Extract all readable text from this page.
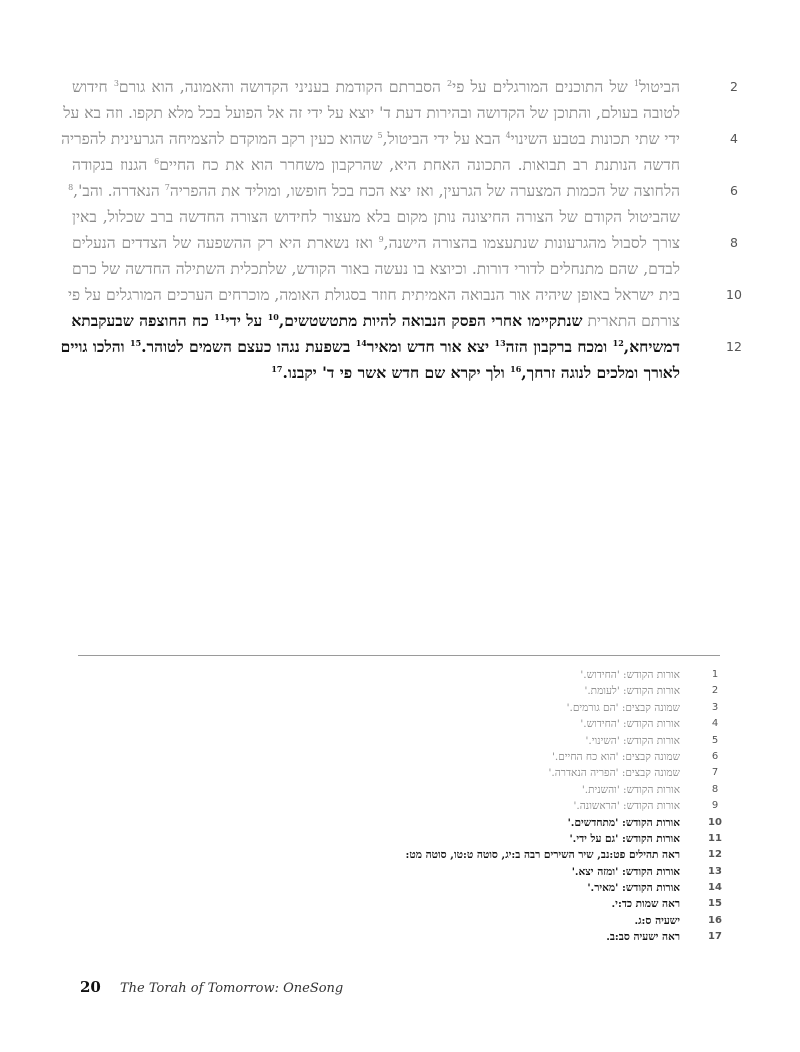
2
הביטול$^1$ של התוכנים המורגלים על פי$^2$ הסברתם הקודמת בעניני הקדושה והאמונה, הוא גורם$^3$ חידוש
לטובה בעולם, והתוכן של הקדושה ובהירות דעת ד' יוצא על ידי זה אל הפועל בכל מלא תקפו. וזה בא על
4
ידי שתי תכונות בטבע השינוי$^4$ הבא על ידי הביטול,$^5$ שהוא כעין רקב המוקדם להצמיחה הגרעינית להפריה
חדשה הנותנת רב תבואות. התכונה האחת היא, שהרקבון משחרר הוא את כח החיים$^6$ הגנוז בנקודה
6
הלחוצה של הכמות המצערה של הגרעין, ואז יצא הכח בכל חופשו, ומוליד את ההפריה$^7$ הנאדרה. והב',$^8$
שהביטול הקודם של הצורה החיצונה נותן מקום בלא מעצור לחידוש הצורה החדשה ברב שכלול, באין
8
צורך לסבול מהגרעונות שנתעצמו בהצורה הישנה,$^9$ ואז נשארת היא רק ההשפעה של הצדדים הנעלים
לבדם, שהם מתנחלים לדורי דורות. וכיוצא בו נעשה באור הקודש, שלתכלית השתילה החדשה של כרם
10
בית ישראל באופן שיהיה אור הנבואה האמיתית חוזר בסגולת האומה, מוכרחים הערכים המורגלים על פי
צורתם התארית שנתקיימו אחרי הפסק הנבואה להיות מתטשטשים,$^{10}$ על ידי$^{11}$ כח החוצפה שבעקבתא
12
דמשיחא,$^{12}$ ומכח ברקבון הזה$^{13}$ יצא אור חדש ומאיר$^{14}$ בשפעת נגהו כעצם השמים לטוהר.$^{15}$ והלכו גויים
לאורך ומלכים לנוגה זרחך,$^{16}$ ולך יקרא שם חדש אשר פי ד' יקבנו.$^{17}$
1
אורות הקודש: 'החידוש.'
2
אורות הקודש: 'לעומת.'
3
שמונה קבצים: 'הם גורמים.'
4
אורות הקודש: 'החידוש.'
5
אורות הקודש: 'השינוי.'
6
שמונה קבצים: 'הוא כח החיים.'
7
שמונה קבצים: 'הפריה הנאדרה.'
8
אורות הקודש: 'והשנית.'
9
אורות הקודש: 'הראשונה.'
10
אורות הקודש: 'מתחדשים.'
11
אורות הקודש: 'גם על ידי.'
12
ראה תהילים פט:נב, שיר השירים רבה ב:יג, סוטה ט:טו, סוטה מט:
13
אורות הקודש: 'ומזה יצא.'
14
אורות הקודש: 'מאיר.'
15
ראה שמות כד:י.
16
ישעיה ס:ג.
17
ראה ישעיה סב:ב.
20 The Torah of Tomorrow: OneSong
